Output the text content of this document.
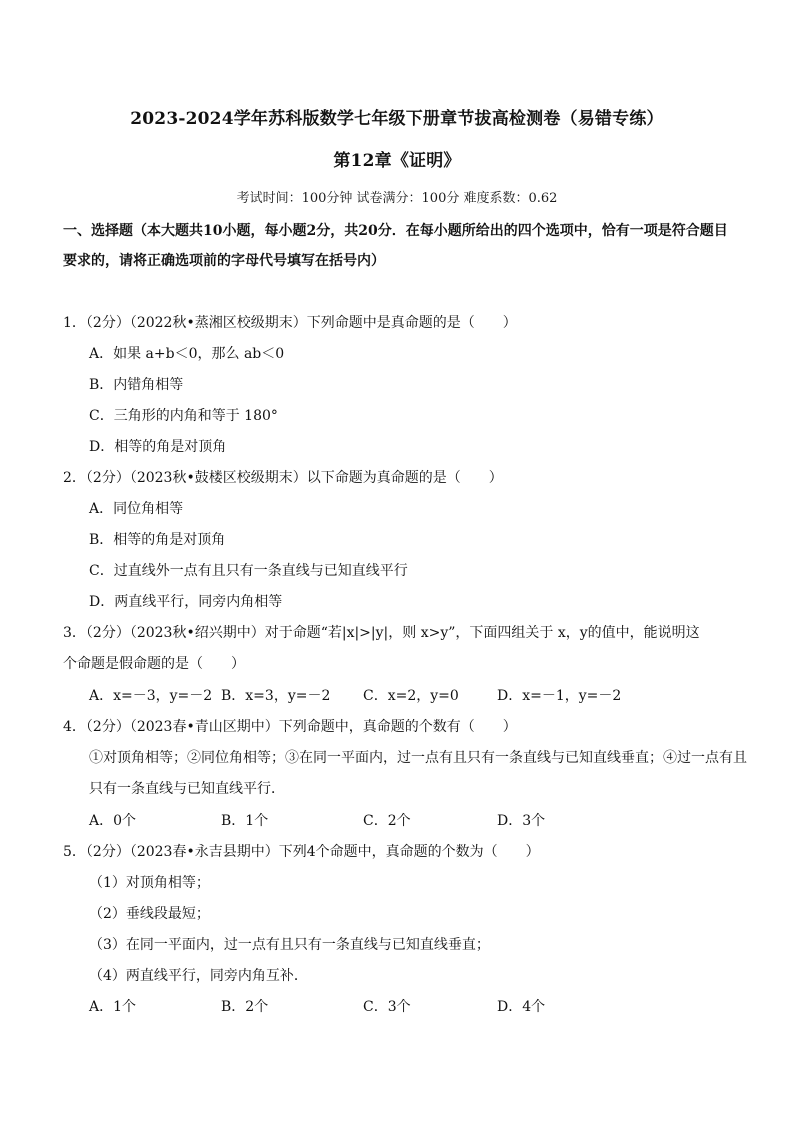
2023-2024学年苏科版数学七年级下册章节拔高检测卷（易错专练）
第12章《证明》
考试时间：100分钟 试卷满分：100分 难度系数：0.62
一、选择题（本大题共10小题，每小题2分，共20分．在每小题所给出的四个选项中，恰有一项是符合题目要求的，请将正确选项前的字母代号填写在括号内）
1．（2分）（2022秋•蒸湘区校级期末）下列命题中是真命题的是（　　）
A．如果 a+b＜0，那么 ab＜0
B．内错角相等
C．三角形的内角和等于 180°
D．相等的角是对顶角
2．（2分）（2023秋•鼓楼区校级期末）以下命题为真命题的是（　　）
A．同位角相等
B．相等的角是对顶角
C．过直线外一点有且只有一条直线与已知直线平行
D．两直线平行，同旁内角相等
3．（2分）（2023秋•绍兴期中）对于命题“若|x|>|y|，则 x>y”，下面四组关于 x，y的值中，能说明这
个命题是假命题的是（　　）
A．x=－3，y=－2 B．x=3，y=－2 C．x=2，y=0	D．x=－1，y=－2
4．（2分）（2023春•青山区期中）下列命题中，真命题的个数有（　　）
①对顶角相等；②同位角相等；③在同一平面内，过一点有且只有一条直线与已知直线垂直；④过一点有且
只有一条直线与已知直线平行．
A．0个	B．1个	C．2个	D．3个
5．（2分）（2023春•永吉县期中）下列4个命题中，真命题的个数为（　　）
（1）对顶角相等；
（2）垂线段最短；
（3）在同一平面内，过一点有且只有一条直线与已知直线垂直；
（4）两直线平行，同旁内角互补．
A．1个	B．2个	C．3个	D．4个
